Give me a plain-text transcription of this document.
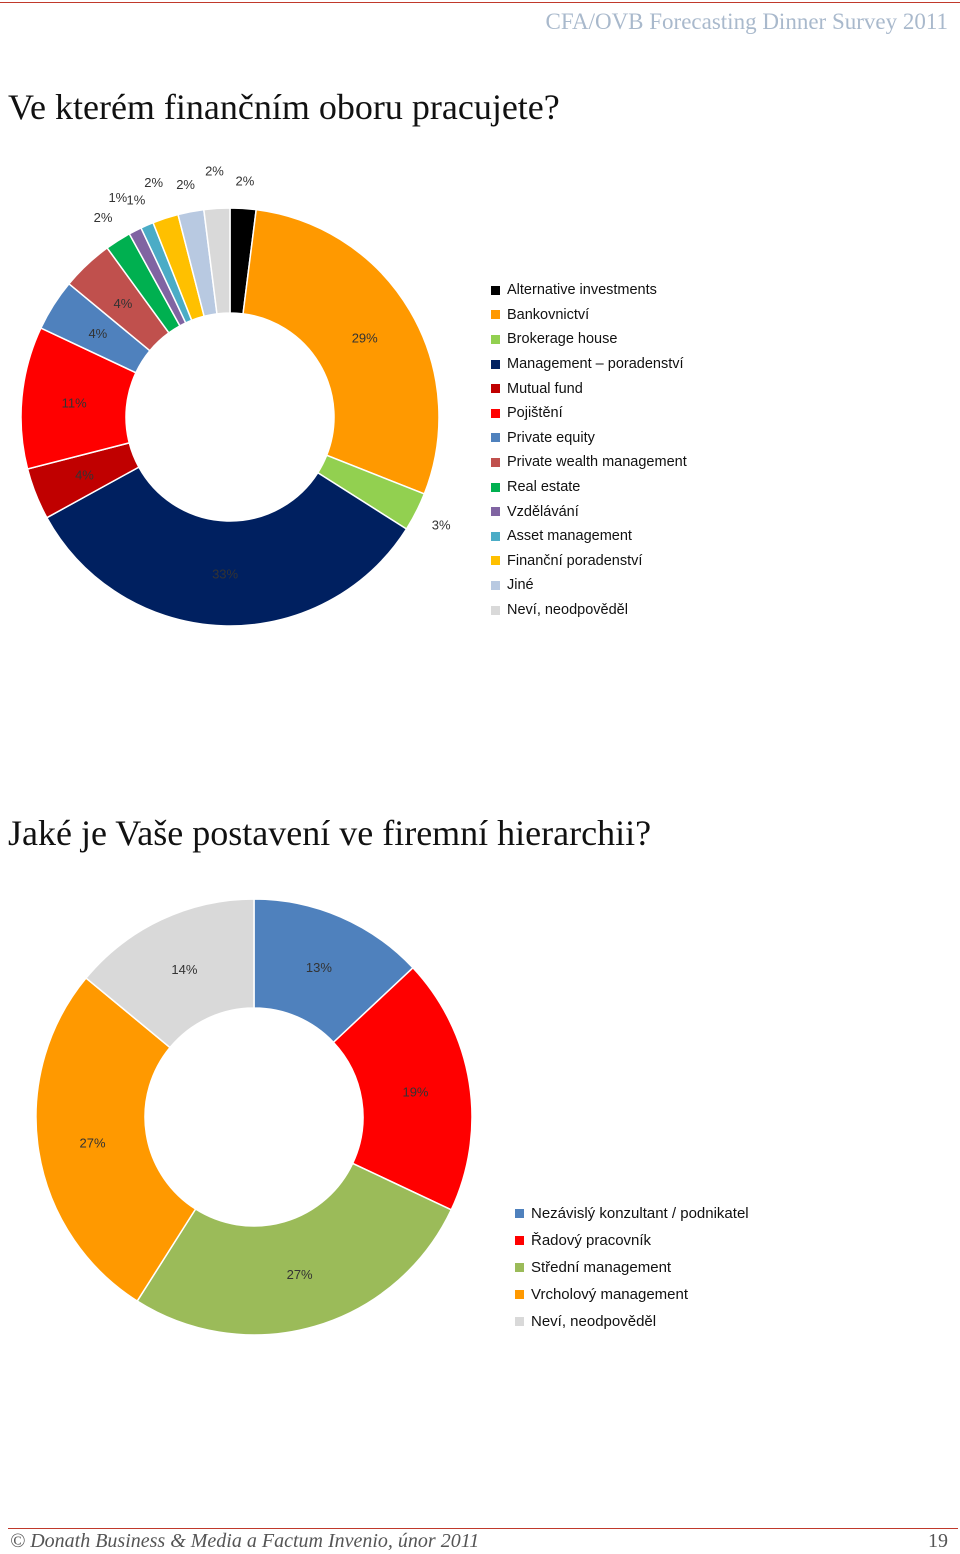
CFA/OVB Forecasting Dinner Survey 2011
Ve kterém finančním oboru pracujete?
2%
29%
3%
33%
4%
11%
4%
4%
2%
1% 1%
2% 2%
2%
Alternative investments
Bankovnictví
Brokerage house
Management – poradenství
Mutual fund
Pojištění
Private equity
Private wealth management
Real estate
Vzdělávání
Asset management
Finanční poradenství
Jiné
Neví, neodpověděl
Jaké je Vaše postavení ve firemní hierarchii?
13%
19%
27%
27%
14%
Nezávislý konzultant / podnikatel
Řadový pracovník
Střední management
Vrcholový management
Neví, neodpověděl
© Donath Business & Media a Factum Invenio, únor 2011	19
